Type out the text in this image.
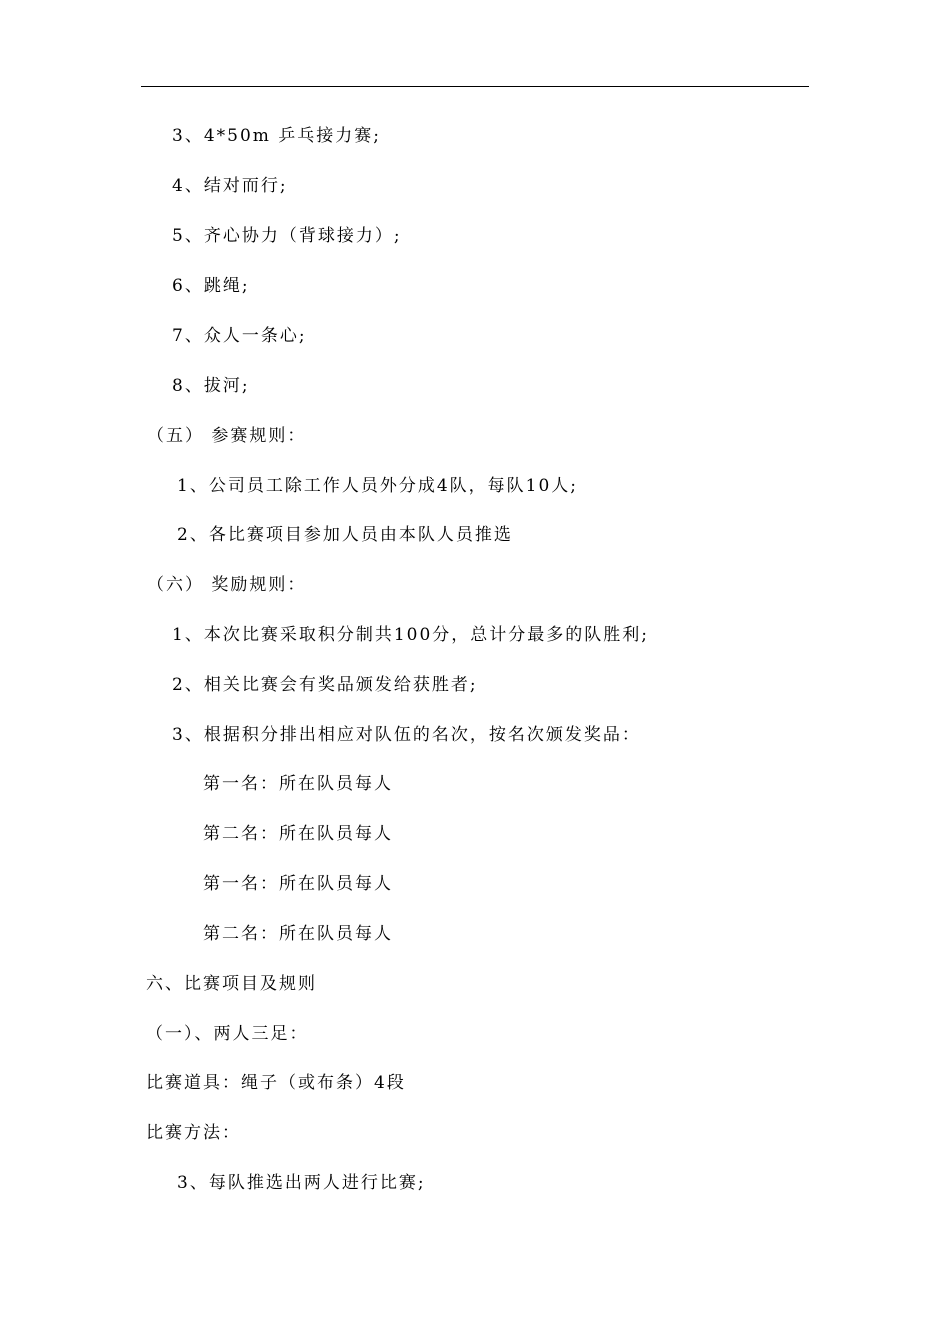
3、4*50m 乒乓接力赛;
4、结对而行;
5、齐心协力（背球接力）;
6、跳绳;
7、众人一条心;
8、拔河;
（五） 参赛规则：
1、公司员工除工作人员外分成4队，每队10人;
2、各比赛项目参加人员由本队人员推选
（六） 奖励规则：
1、本次比赛采取积分制共100分，总计分最多的队胜利;
2、相关比赛会有奖品颁发给获胜者;
3、根据积分排出相应对队伍的名次，按名次颁发奖品：
第一名：所在队员每人
第二名：所在队员每人
第一名：所在队员每人
第二名：所在队员每人
六、比赛项目及规则
（一）、两人三足：
比赛道具：绳子（或布条）4段
比赛方法：
3、每队推选出两人进行比赛;
